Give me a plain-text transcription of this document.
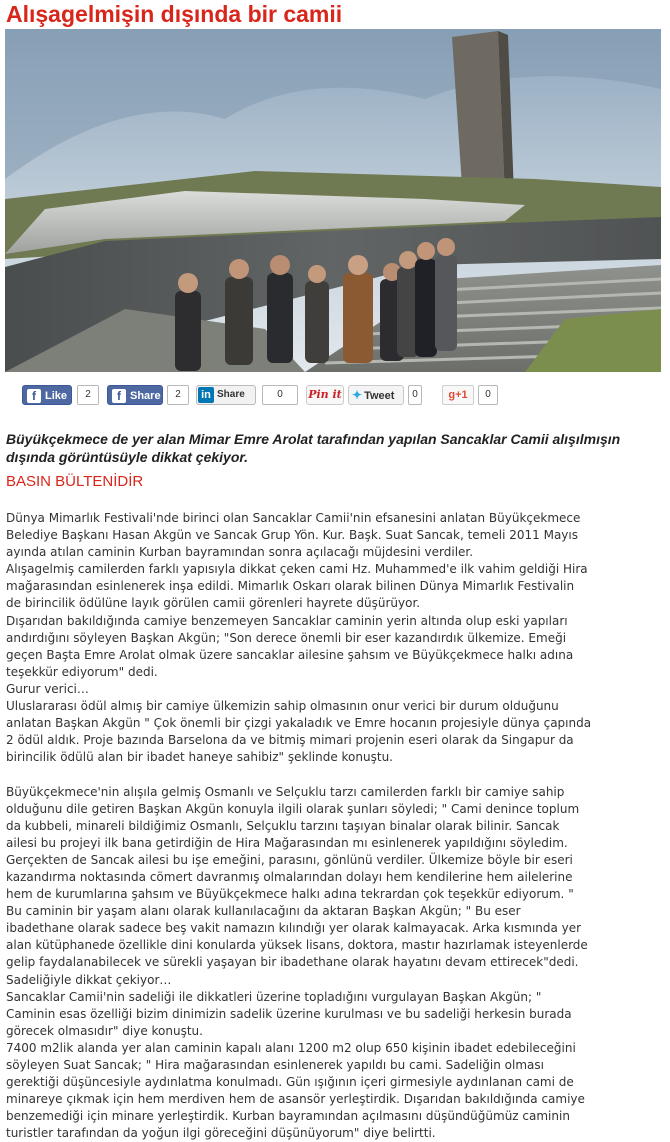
Alışagelmişin dışında bir camii
f Like	2	f Share	2	in Share	0	Pin it ✦ Tweet	0	g+1	0

Büyükçekmece de yer alan Mimar Emre Arolat tarafından yapılan Sancaklar Camii alışılmışın dışında görüntüsüyle dikkat çekiyor.

BASIN BÜLTENİDİR

Dünya Mimarlık Festivali'nde birinci olan Sancaklar Camii'nin efsanesini anlatan Büyükçekmece
Belediye Başkanı Hasan Akgün ve Sancak Grup Yön. Kur. Başk. Suat Sancak, temeli 2011 Mayıs
ayında atılan caminin Kurban bayramından sonra açılacağı müjdesini verdiler.
Alışagelmiş camilerden farklı yapısıyla dikkat çeken cami Hz. Muhammed'e ilk vahim geldiği Hira
mağarasından esinlenerek inşa edildi. Mimarlık Oskarı olarak bilinen Dünya Mimarlık Festivalin
de birincilik ödülüne layık görülen camii görenleri hayrete düşürüyor.
Dışarıdan bakıldığında camiye benzemeyen Sancaklar caminin yerin altında olup eski yapıları
andırdığını söyleyen Başkan Akgün; "Son derece önemli bir eser kazandırdık ülkemize. Emeği
geçen Başta Emre Arolat olmak üzere sancaklar ailesine şahsım ve Büyükçekmece halkı adına
teşekkür ediyorum" dedi.
Gurur verici…
Uluslararası ödül almış bir camiye ülkemizin sahip olmasının onur verici bir durum olduğunu
anlatan Başkan Akgün " Çok önemli bir çizgi yakaladık ve Emre hocanın projesiyle dünya çapında
2 ödül aldık. Proje bazında Barselona da ve bitmiş mimari projenin eseri olarak da Singapur da
birincilik ödülü alan bir ibadet haneye sahibiz" şeklinde konuştu.
Büyükçekmece'nin alışıla gelmiş Osmanlı ve Selçuklu tarzı camilerden farklı bir camiye sahip
olduğunu dile getiren Başkan Akgün konuyla ilgili olarak şunları söyledi; " Cami denince toplum
da kubbeli, minareli bildiğimiz Osmanlı, Selçuklu tarzını taşıyan binalar olarak bilinir. Sancak
ailesi bu projeyi ilk bana getirdiğin de Hira Mağarasından mı esinlenerek yapıldığını söyledim.
Gerçekten de Sancak ailesi bu işe emeğini, parasını, gönlünü verdiler. Ülkemize böyle bir eseri
kazandırma noktasında cömert davranmış olmalarından dolayı hem kendilerine hem ailelerine
hem de kurumlarına şahsım ve Büyükçekmece halkı adına tekrardan çok teşekkür ediyorum. "
Bu caminin bir yaşam alanı olarak kullanılacağını da aktaran Başkan Akgün; " Bu eser
ibadethane olarak sadece beş vakit namazın kılındığı yer olarak kalmayacak. Arka kısmında yer
alan kütüphanede özellikle dini konularda yüksek lisans, doktora, mastır hazırlamak isteyenlerde
gelip faydalanabilecek ve sürekli yaşayan bir ibadethane olarak hayatını devam ettirecek"dedi.
Sadeliğiyle dikkat çekiyor…
Sancaklar Camii'nin sadeliği ile dikkatleri üzerine topladığını vurgulayan Başkan Akgün; "
Caminin esas özelliği bizim dinimizin sadelik üzerine kurulması ve bu sadeliği herkesin burada
görecek olmasıdır" diye konuştu.
7400 m2lik alanda yer alan caminin kapalı alanı 1200 m2 olup 650 kişinin ibadet edebileceğini
söyleyen Suat Sancak; " Hira mağarasından esinlenerek yapıldı bu cami. Sadeliğin olması
gerektiği düşüncesiyle aydınlatma konulmadı. Gün ışığının içeri girmesiyle aydınlanan cami de
minareye çıkmak için hem merdiven hem de asansör yerleştirdik. Dışarıdan bakıldığında camiye
benzemediği için minare yerleştirdik. Kurban bayramından açılmasını düşündüğümüz caminin
turistler tarafından da yoğun ilgi göreceğini düşünüyorum" diye belirtti.
